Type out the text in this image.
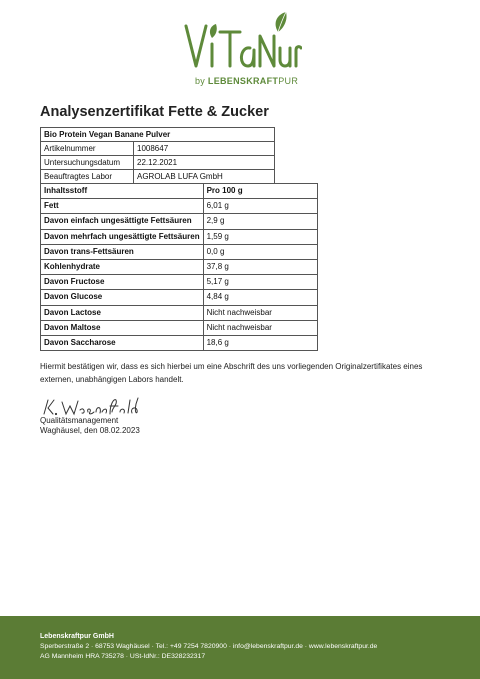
by LEBENSKRAFTPUR
Analysenzertifikat Fette & Zucker
Bio Protein Vegan Banane Pulver	
Artikelnummer	1008647
Untersuchungsdatum	22.12.2021
Beauftragtes Labor	AGROLAB LUFA GmbH
Inhaltsstoff	Pro 100 g
Fett	6,01 g
Davon einfach ungesättigte Fettsäuren	2,9 g
Davon mehrfach ungesättigte Fettsäuren	1,59 g
Davon trans-Fettsäuren	0,0 g
Kohlenhydrate	37,8 g
Davon Fructose	5,17 g
Davon Glucose	4,84 g
Davon Lactose	Nicht nachweisbar
Davon Maltose	Nicht nachweisbar
Davon Saccharose	18,6 g
Hiermit bestätigen wir, dass es sich hierbei um eine Abschrift des uns vorliegenden Originalzertifikates eines
externen, unabhängigen Labors handelt.
Qualitätsmanagement
Waghäusel, den 08.02.2023
Lebenskraftpur GmbH
Sperberstraße 2 · 68753 Waghäusel · Tel.: +49 7254 7820900 · info@lebenskraftpur.de · www.lebenskraftpur.de
AG Mannheim HRA 735278 · USt-IdNr.: DE328232317
